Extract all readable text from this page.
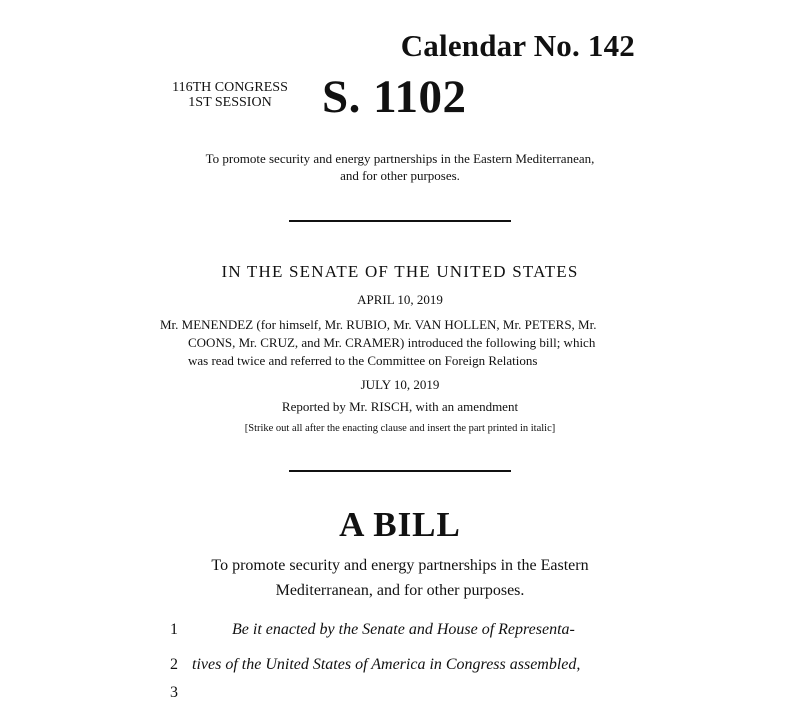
Calendar No. 142
116TH CONGRESS
1ST SESSION	S. 1102
To promote security and energy partnerships in the Eastern Mediterranean,
and for other purposes.
IN THE SENATE OF THE UNITED STATES
APRIL 10, 2019
Mr. MENENDEZ (for himself, Mr. RUBIO, Mr. VAN HOLLEN, Mr. PETERS, Mr.
COONS, Mr. CRUZ, and Mr. CRAMER) introduced the following bill; which
was read twice and referred to the Committee on Foreign Relations
JULY 10, 2019
Reported by Mr. RISCH, with an amendment
[Strike out all after the enacting clause and insert the part printed in italic]
A BILL
To promote security and energy partnerships in the Eastern
Mediterranean, and for other purposes.
1	Be it enacted by the Senate and House of Representa-
2 tives of the United States of America in Congress assembled,
3
